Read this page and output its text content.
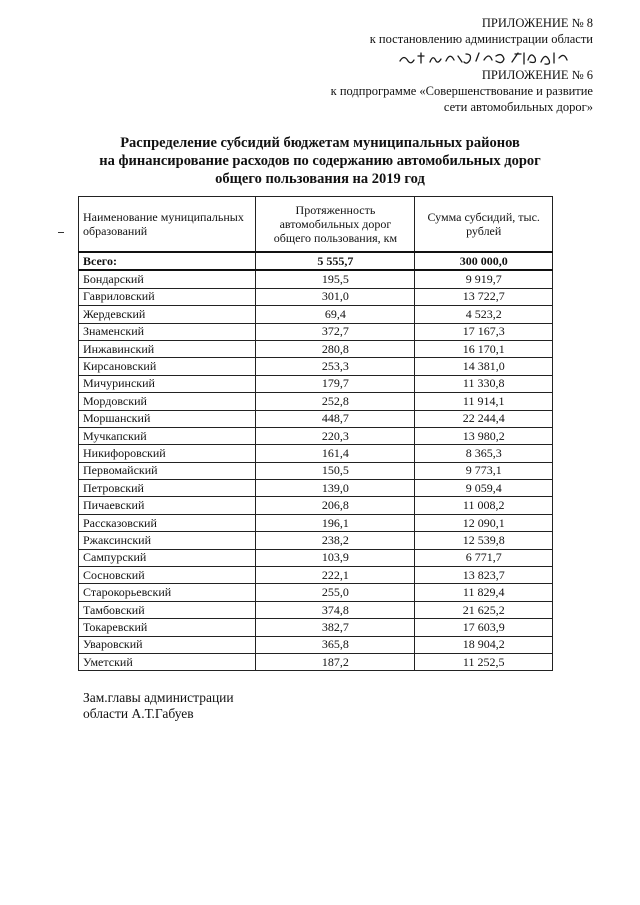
ПРИЛОЖЕНИЕ № 8
к постановлению администрации области
ПРИЛОЖЕНИЕ № 6
к подпрограмме «Совершенствование и развитие
сети автомобильных дорог»
Распределение субсидий бюджетам муниципальных районов
на финансирование расходов по содержанию автомобильных дорог
общего пользования на 2019 год
Наименование муниципальных образований	Протяженность автомобильных дорог общего пользования, км	Сумма субсидий, тыс. рублей
Всего:	5 555,7	300 000,0
Бондарский	195,5	9 919,7
Гавриловский	301,0	13 722,7
Жердевский	69,4	4 523,2
Знаменский	372,7	17 167,3
Инжавинский	280,8	16 170,1
Кирсановский	253,3	14 381,0
Мичуринский	179,7	11 330,8
Мордовский	252,8	11 914,1
Моршанский	448,7	22 244,4
Мучкапский	220,3	13 980,2
Никифоровский	161,4	8 365,3
Первомайский	150,5	9 773,1
Петровский	139,0	9 059,4
Пичаевский	206,8	11 008,2
Рассказовский	196,1	12 090,1
Ржаксинский	238,2	12 539,8
Сампурский	103,9	6 771,7
Сосновский	222,1	13 823,7
Старокорьевский	255,0	11 829,4
Тамбовский	374,8	21 625,2
Токаревский	382,7	17 603,9
Уваровский	365,8	18 904,2
Уметский	187,2	11 252,5
Зам.главы администрации
области А.Т.Габуев
